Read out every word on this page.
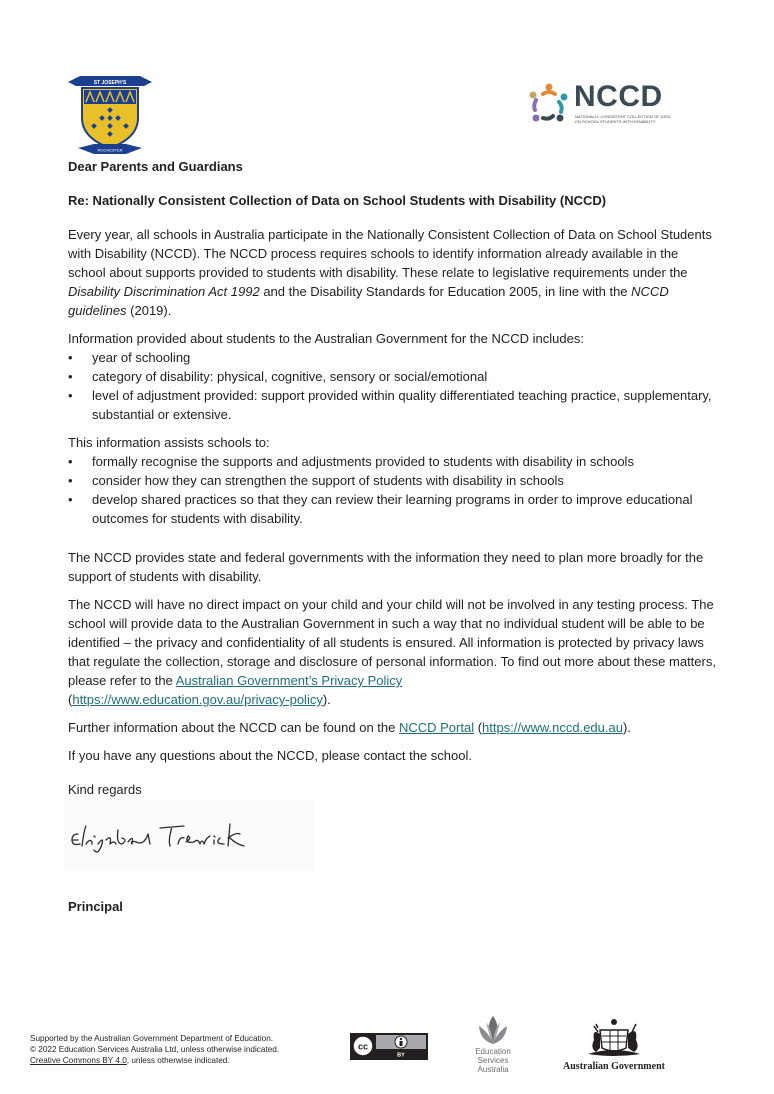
ST JOSEPH'S
ROCHESTER
NCCD
NATIONALLY CONSISTENT COLLECTION OF DATA ON SCHOOL STUDENTS WITH DISABILITY

Dear Parents and Guardians

Re: Nationally Consistent Collection of Data on School Students with Disability (NCCD)

Every year, all schools in Australia participate in the Nationally Consistent Collection of Data on School Students with Disability (NCCD). The NCCD process requires schools to identify information already available in the school about supports provided to students with disability. These relate to legislative requirements under the Disability Discrimination Act 1992 and the Disability Standards for Education 2005, in line with the NCCD guidelines (2019).

Information provided about students to the Australian Government for the NCCD includes:

• year of schooling
• category of disability: physical, cognitive, sensory or social/emotional
• level of adjustment provided: support provided within quality differentiated teaching practice, supplementary, substantial or extensive.

This information assists schools to:

• formally recognise the supports and adjustments provided to students with disability in schools
• consider how they can strengthen the support of students with disability in schools
• develop shared practices so that they can review their learning programs in order to improve educational outcomes for students with disability.

The NCCD provides state and federal governments with the information they need to plan more broadly for the support of students with disability.

The NCCD will have no direct impact on your child and your child will not be involved in any testing process. The school will provide data to the Australian Government in such a way that no individual student will be able to be identified – the privacy and confidentiality of all students is ensured. All information is protected by privacy laws that regulate the collection, storage and disclosure of personal information. To find out more about these matters, please refer to the Australian Government’s Privacy Policy
(https://www.education.gov.au/privacy-policy).

Further information about the NCCD can be found on the NCCD Portal (https://www.nccd.edu.au).

If you have any questions about the NCCD, please contact the school.

Kind regards

Principal
Supported by the Australian Government Department of Education.
© 2022 Education Services Australia Ltd, unless otherwise indicated.
Creative Commons BY 4.0, unless otherwise indicated.
cc
BY	Education
Services
Australia	Australian Government
